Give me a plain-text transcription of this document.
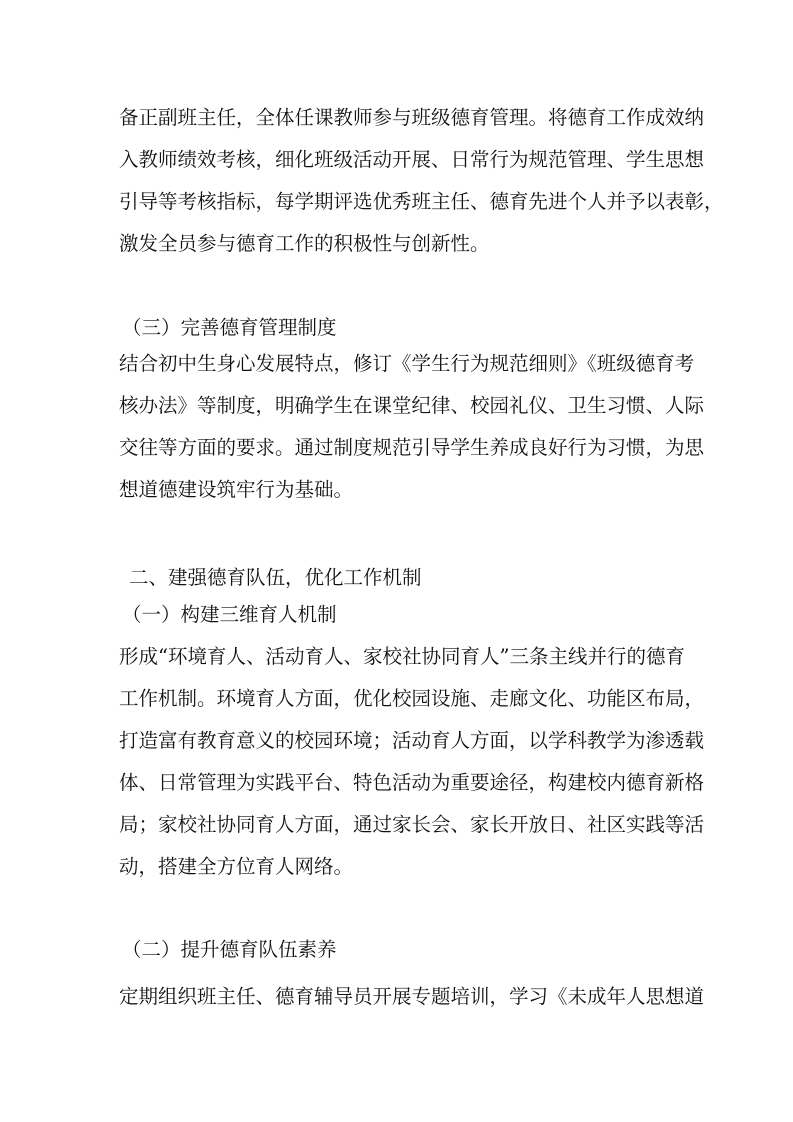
备正副班主任，全体任课教师参与班级德育管理。将德育工作成效纳
入教师绩效考核，细化班级活动开展、日常行为规范管理、学生思想
引导等考核指标，每学期评选优秀班主任、德育先进个人并予以表彰，
激发全员参与德育工作的积极性与创新性。
（三）完善德育管理制度
结合初中生身心发展特点，修订《学生行为规范细则》《班级德育考
核办法》等制度，明确学生在课堂纪律、校园礼仪、卫生习惯、人际
交往等方面的要求。通过制度规范引导学生养成良好行为习惯，为思
想道德建设筑牢行为基础。
二、建强德育队伍，优化工作机制
（一）构建三维育人机制
形成“环境育人、活动育人、家校社协同育人”三条主线并行的德育
工作机制。环境育人方面，优化校园设施、走廊文化、功能区布局，
打造富有教育意义的校园环境；活动育人方面，以学科教学为渗透载
体、日常管理为实践平台、特色活动为重要途径，构建校内德育新格
局；家校社协同育人方面，通过家长会、家长开放日、社区实践等活
动，搭建全方位育人网络。
（二）提升德育队伍素养
定期组织班主任、德育辅导员开展专题培训，学习《未成年人思想道
